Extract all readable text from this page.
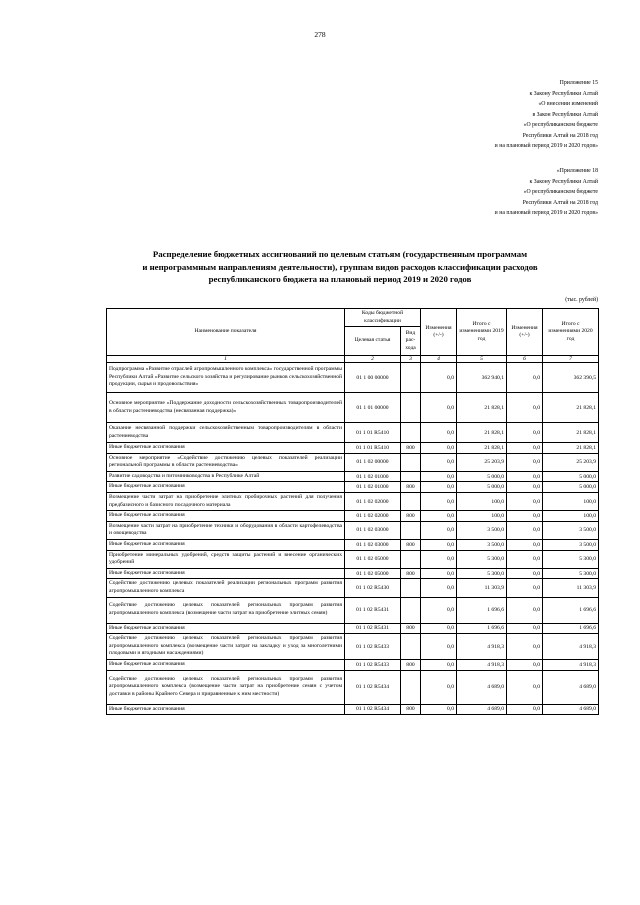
278
Приложение 15
к Закону Республики Алтай
«О внесении изменений
в Закон Республики Алтай
«О республиканском бюджете
Республики Алтай на 2018 год
и на плановый период 2019 и 2020 годов»
«Приложение 18
к Закону Республики Алтай
«О республиканском бюджете
Республики Алтай на 2018 год
и на плановый период 2019 и 2020 годов»
Распределение бюджетных ассигнований по целевым статьям (государственным программам
и непрограммным направлениям деятельности), группам видов расходов классификации расходов
республиканского бюджета на плановый период 2019 и 2020 годов
(тыс. рублей)
Наименование показателя	Коды бюджетной классификации		Изменения (+/-)	Итого с изменениями 2019 год	Изменения (+/-)	Итого с изменениями 2020 год
	Целевая статья	Вид рас-хода				
1	2	3	4	5	6	7
Подпрограмма «Развитие отраслей агропромышленного комплекса» государственной программы Республики Алтай «Развитие сельского хозяйства и регулирование рынков сельскохозяйственной продукции, сырья и продовольствия»	01 1 00 00000		0,0	362 940,1	0,0	362 390,5
Основное мероприятие «Поддержание доходности сельскохозяйственных товаропроизводителей в области растениеводства (несвязанная поддержка)»	01 1 01 00000		0,0	21 828,1	0,0	21 828,1
Оказание несвязанной поддержки сельскохозяйственным товаропроизводителям в области растениеводства	01 1 01 R5410		0,0	21 828,1	0,0	21 828,1
Иные бюджетные ассигнования	01 1 01 R5410	800	0,0	21 828,1	0,0	21 828,1
Основное мероприятие «Содействие достижению целевых показателей реализации региональной программы в области растениеводства»	01 1 02 00000		0,0	25 203,9	0,0	25 203,9
Развитие садоводства и питомниководства в Республике Алтай	01 1 02 01000		0,0	5 000,0	0,0	5 000,0
Иные бюджетные ассигнования	01 1 02 01000	800	0,0	5 000,0	0,0	5 000,0
Возмещение части затрат на приобретение элитных пробирочных растений для получения предбазисного и базисного посадочного материала	01 1 02 02000		0,0	100,0	0,0	100,0
Иные бюджетные ассигнования	01 1 02 02000	800	0,0	100,0	0,0	100,0
Возмещение части затрат на приобретение техники и оборудования в области картофелеводства и овощеводства	01 1 02 03000		0,0	3 500,0	0,0	3 500,0
Иные бюджетные ассигнования	01 1 02 03000	800	0,0	3 500,0	0,0	3 500,0
Приобретение минеральных удобрений, средств защиты растений и внесение органических удобрений	01 1 02 05000		0,0	5 300,0	0,0	5 300,0
Иные бюджетные ассигнования	01 1 02 05000	800	0,0	5 300,0	0,0	5 300,0
Содействие достижению целевых показателей реализации региональных программ развития агропромышленного комплекса	01 1 02 R5430		0,0	11 303,9	0,0	11 303,9
Содействие достижению целевых показателей региональных программ развития агропромышленного комплекса (возмещение части затрат на приобретение элитных семян)	01 1 02 R5431		0,0	1 696,6	0,0	1 696,6
Иные бюджетные ассигнования	01 1 02 R5431	800	0,0	1 696,6	0,0	1 696,6
Содействие достижению целевых показателей региональных программ развития агропромышленного комплекса (возмещение части затрат на закладку и уход за многолетними плодовыми и ягодными насаждениями)	01 1 02 R5433		0,0	4 918,3	0,0	4 918,3
Иные бюджетные ассигнования	01 1 02 R5433	800	0,0	4 918,3	0,0	4 918,3
Содействие достижению целевых показателей региональных программ развития агропромышленного комплекса (возмещение части затрат на приобретение семян с учетом доставки в районы Крайнего Севера и приравненные к ним местности)	01 1 02 R5434		0,0	4 689,0	0,0	4 689,0
Иные бюджетные ассигнования	01 1 02 R5434	800	0,0	4 689,0	0,0	4 689,0
